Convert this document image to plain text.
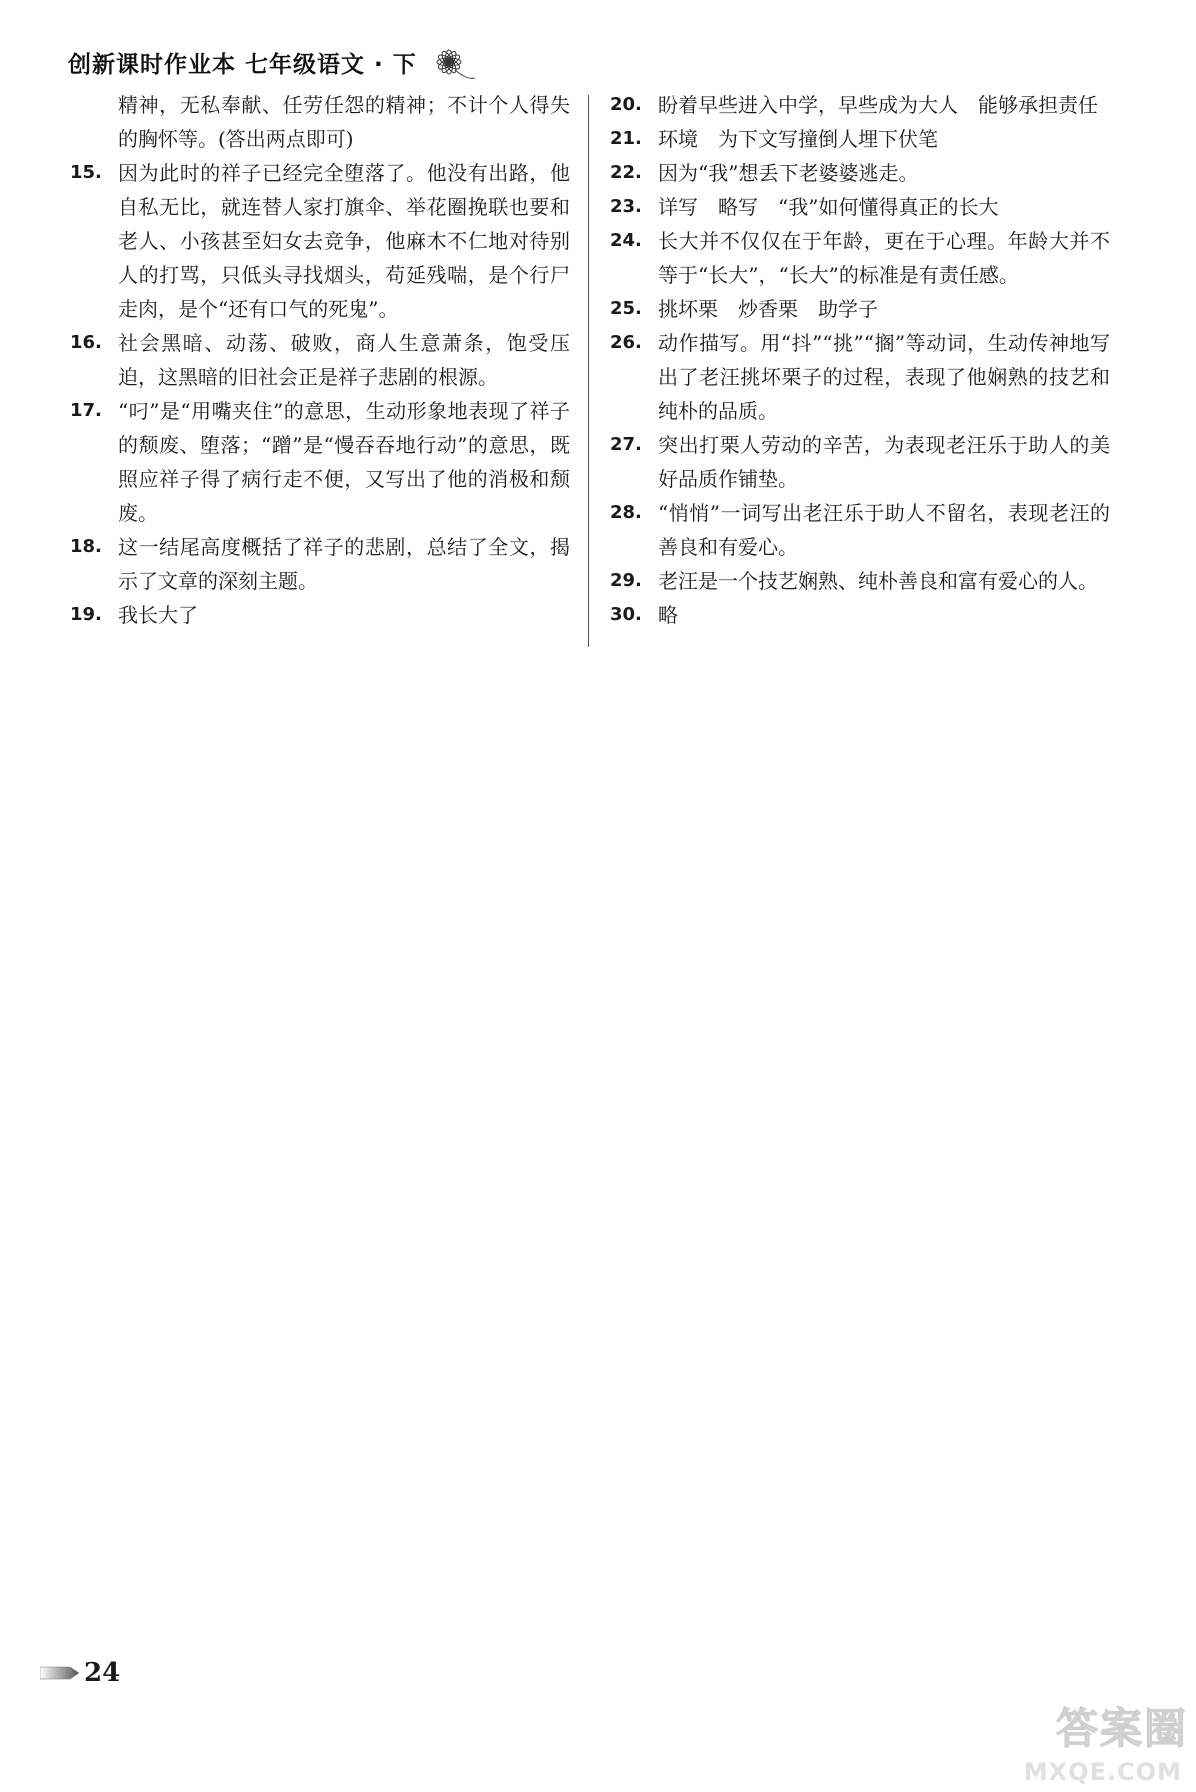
创新课时作业本 七年级语文 · 下
精神，无私奉献、任劳任怨的精神；不计个人得失的胸怀等。(答出两点即可)
15. 因为此时的祥子已经完全堕落了。他没有出路，他自私无比，就连替人家打旗伞、举花圈挽联也要和老人、小孩甚至妇女去竞争，他麻木不仁地对待别人的打骂，只低头寻找烟头，苟延残喘，是个行尸走肉，是个“还有口气的死鬼”。
16. 社会黑暗、动荡、破败，商人生意萧条，饱受压迫，这黑暗的旧社会正是祥子悲剧的根源。
17. “叼”是“用嘴夹住”的意思，生动形象地表现了祥子的颓废、堕落；“蹭”是“慢吞吞地行动”的意思，既照应祥子得了病行走不便，又写出了他的消极和颓废。
18. 这一结尾高度概括了祥子的悲剧，总结了全文，揭示了文章的深刻主题。
19. 我长大了
20. 盼着早些进入中学，早些成为大人　能够承担责任
21. 环境　为下文写撞倒人埋下伏笔
22. 因为“我”想丢下老婆婆逃走。
23. 详写　略写　“我”如何懂得真正的长大
24. 长大并不仅仅在于年龄，更在于心理。年龄大并不等于“长大”，“长大”的标准是有责任感。
25. 挑坏栗　炒香栗　助学子
26. 动作描写。用“抖”“挑”“搁”等动词，生动传神地写出了老汪挑坏栗子的过程，表现了他娴熟的技艺和纯朴的品质。
27. 突出打栗人劳动的辛苦，为表现老汪乐于助人的美好品质作铺垫。
28. “悄悄”一词写出老汪乐于助人不留名，表现老汪的善良和有爱心。
29. 老汪是一个技艺娴熟、纯朴善良和富有爱心的人。
30. 略
24
答 案 圈
MXQE.COM
